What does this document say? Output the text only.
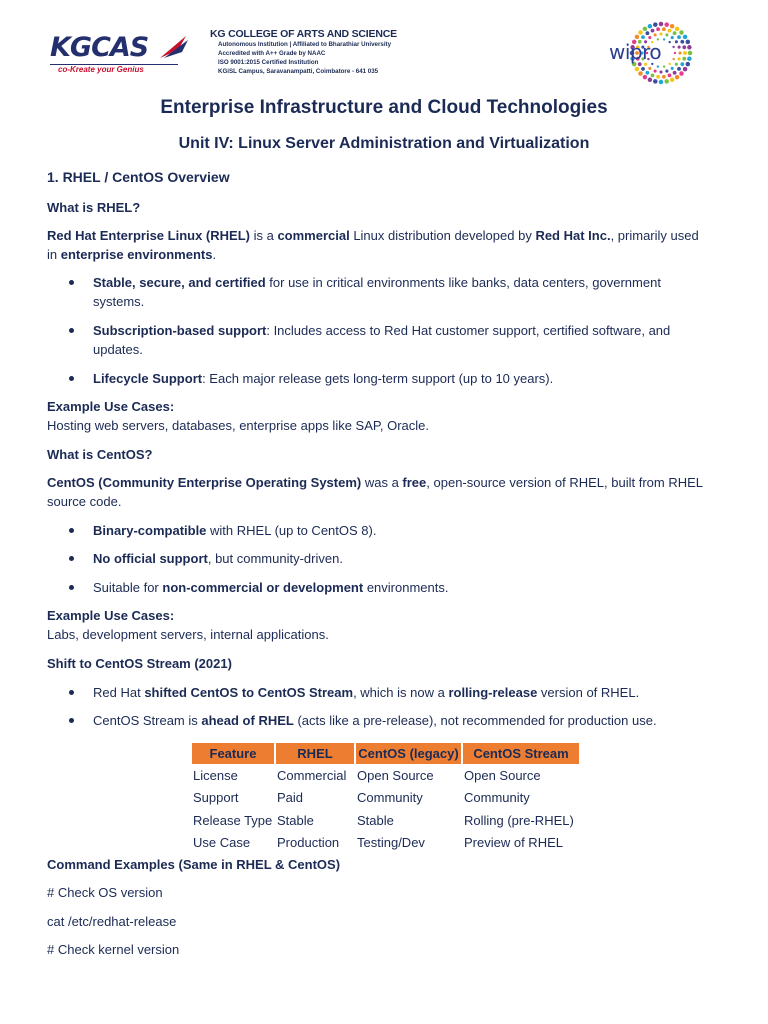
KGCAS
co-Kreate your Genius
KG COLLEGE OF ARTS AND SCIENCE
Autonomous Institution | Affiliated to Bharathiar University
Accredited with A++ Grade by NAAC
ISO 9001:2015 Certified Institution
KGiSL Campus, Saravanampatti, Coimbatore - 641 035
wipro
Enterprise Infrastructure and Cloud Technologies
Unit IV: Linux Server Administration and Virtualization
1. RHEL / CentOS Overview
What is RHEL?
Red Hat Enterprise Linux (RHEL) is a commercial Linux distribution developed by Red Hat Inc., primarily used in enterprise environments.
Stable, secure, and certified for use in critical environments like banks, data centers, government systems.
Subscription-based support: Includes access to Red Hat customer support, certified software, and updates.
Lifecycle Support: Each major release gets long-term support (up to 10 years).
Example Use Cases:
Hosting web servers, databases, enterprise apps like SAP, Oracle.
What is CentOS?
CentOS (Community Enterprise Operating System) was a free, open-source version of RHEL, built from RHEL source code.
Binary-compatible with RHEL (up to CentOS 8).
No official support, but community-driven.
Suitable for non-commercial or development environments.
Example Use Cases:
Labs, development servers, internal applications.
Shift to CentOS Stream (2021)
Red Hat shifted CentOS to CentOS Stream, which is now a rolling-release version of RHEL.
CentOS Stream is ahead of RHEL (acts like a pre-release), not recommended for production use.
Command Examples (Same in RHEL & CentOS)
# Check OS version
cat /etc/redhat-release
# Check kernel version
Feature	RHEL	CentOS (legacy)	CentOS Stream
License	Commercial	Open Source	Open Source
Support	Paid	Community	Community
Release Type	Stable	Stable	Rolling (pre-RHEL)
Use Case	Production	Testing/Dev	Preview of RHEL
